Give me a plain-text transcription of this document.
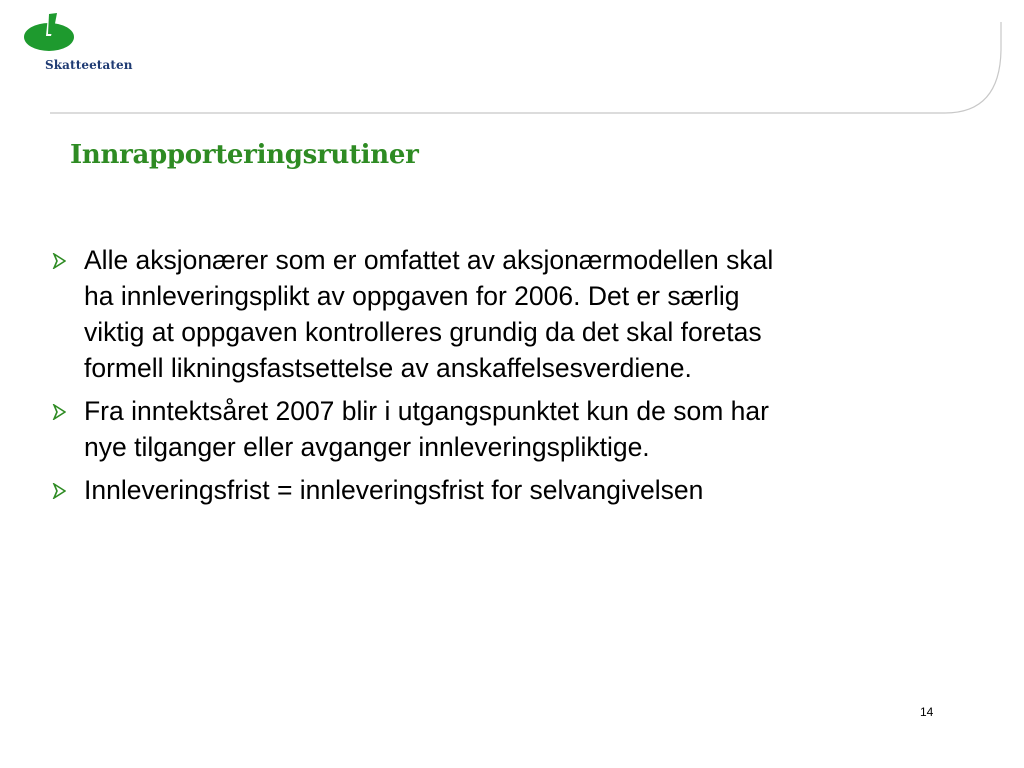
Skatteetaten
Innrapporteringsrutiner
Alle aksjonærer som er omfattet av aksjonærmodellen skal
ha innleveringsplikt av oppgaven for 2006. Det er særlig
viktig at oppgaven kontrolleres grundig da det skal foretas
formell likningsfastsettelse av anskaffelsesverdiene.
Fra inntektsåret 2007 blir i utgangspunktet kun de som har
nye tilganger eller avganger innleveringspliktige.
Innleveringsfrist = innleveringsfrist for selvangivelsen
14
